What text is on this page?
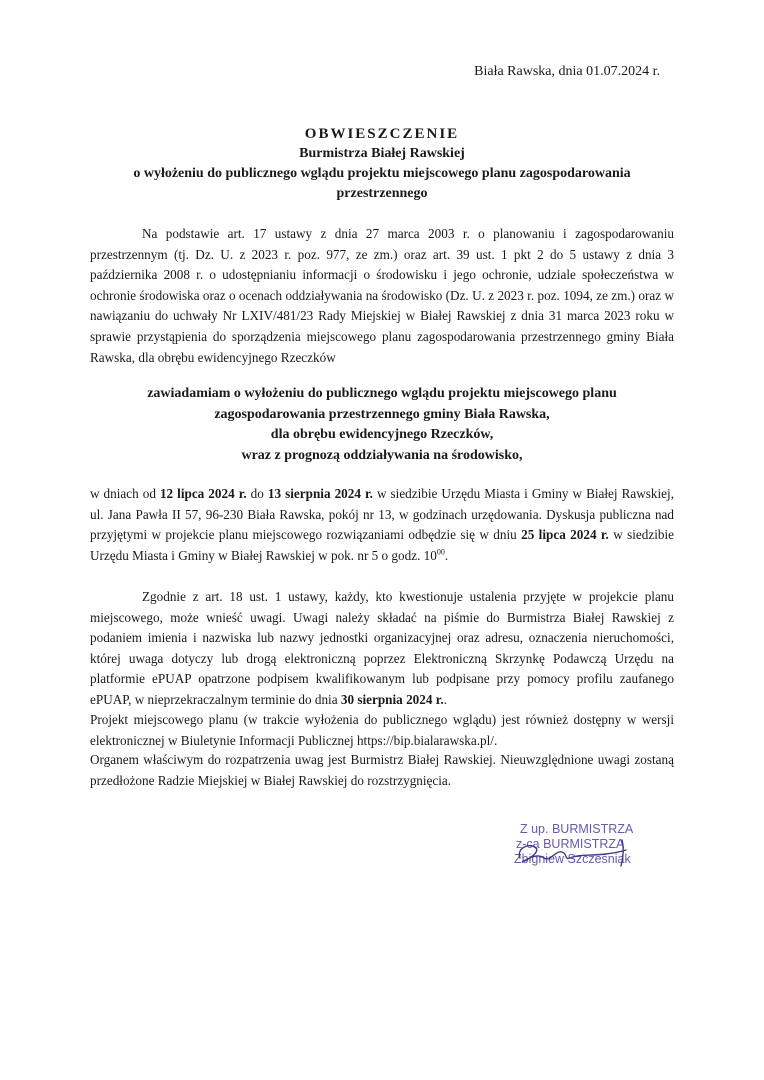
Biała Rawska, dnia 01.07.2024 r.
OBWIESZCZENIE
Burmistrza Białej Rawskiej
o wyłożeniu do publicznego wglądu projektu miejscowego planu zagospodarowania
przestrzennego
Na podstawie art. 17 ustawy z dnia 27 marca 2003 r. o planowaniu i zagospodarowaniu przestrzennym (tj. Dz. U. z 2023 r. poz. 977, ze zm.) oraz art. 39 ust. 1 pkt 2 do 5 ustawy z dnia 3 października 2008 r. o udostępnianiu informacji o środowisku i jego ochronie, udziale społeczeństwa w ochronie środowiska oraz o ocenach oddziaływania na środowisko (Dz. U. z 2023 r. poz. 1094, ze zm.) oraz w nawiązaniu do uchwały Nr LXIV/481/23 Rady Miejskiej w Białej Rawskiej z dnia 31 marca 2023 roku w sprawie przystąpienia do sporządzenia miejscowego planu zagospodarowania przestrzennego gminy Biała Rawska, dla obrębu ewidencyjnego Rzeczków
zawiadamiam o wyłożeniu do publicznego wglądu projektu miejscowego planu
zagospodarowania przestrzennego gminy Biała Rawska,
dla obrębu ewidencyjnego Rzeczków,
wraz z prognozą oddziaływania na środowisko,
w dniach od 12 lipca 2024 r. do 13 sierpnia 2024 r. w siedzibie Urzędu Miasta i Gminy w Białej Rawskiej, ul. Jana Pawła II 57, 96-230 Biała Rawska, pokój nr 13, w godzinach urzędowania. Dyskusja publiczna nad przyjętymi w projekcie planu miejscowego rozwiązaniami odbędzie się w dniu 25 lipca 2024 r. w siedzibie Urzędu Miasta i Gminy w Białej Rawskiej w pok. nr 5 o godz. $10^{00}$.
Zgodnie z art. 18 ust. 1 ustawy, każdy, kto kwestionuje ustalenia przyjęte w projekcie planu miejscowego, może wnieść uwagi. Uwagi należy składać na piśmie do Burmistrza Białej Rawskiej z podaniem imienia i nazwiska lub nazwy jednostki organizacyjnej oraz adresu, oznaczenia nieruchomości, której uwaga dotyczy lub drogą elektroniczną poprzez Elektroniczną Skrzynkę Podawczą Urzędu na platformie ePUAP opatrzone podpisem kwalifikowanym lub podpisane przy pomocy profilu zaufanego ePUAP, w nieprzekraczalnym terminie do dnia 30 sierpnia 2024 r..
Projekt miejscowego planu (w trakcie wyłożenia do publicznego wglądu) jest również dostępny w wersji elektronicznej w Biuletynie Informacji Publicznej https://bip.bialarawska.pl/.
Organem właściwym do rozpatrzenia uwag jest Burmistrz Białej Rawskiej. Nieuwzględnione uwagi zostaną przedłożone Radzie Miejskiej w Białej Rawskiej do rozstrzygnięcia.
Z up. BURMISTRZA
z-ca BURMISTRZA
Zbigniew Szcześniak
